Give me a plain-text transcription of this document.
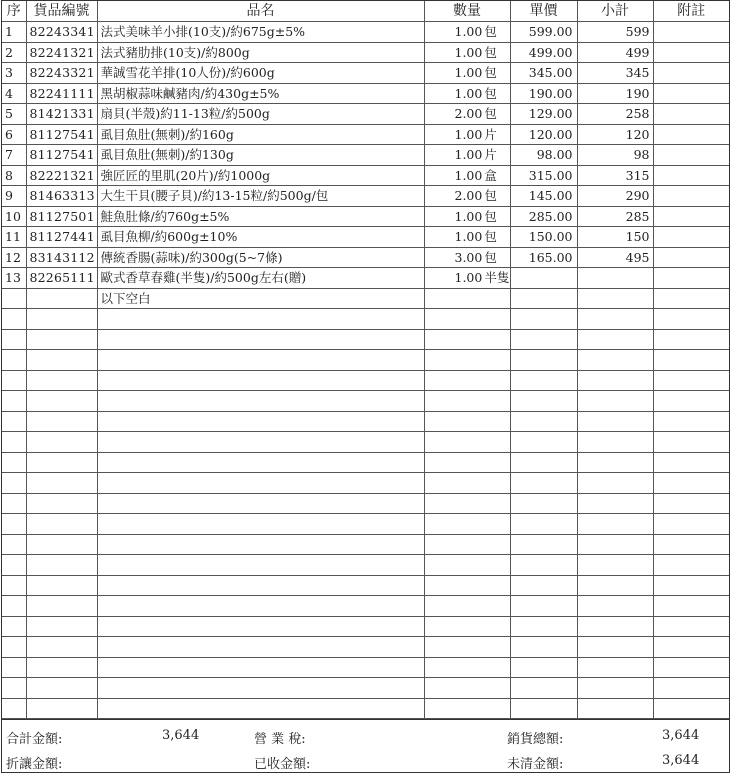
序	貨品編號	品名	數量	單價	小計	附註
1	82243341	法式美味羊小排(10支)/約675g±5%	1.00 包	599.00	599	
2	82241321	法式豬肋排(10支)/約800g	1.00 包	499.00	499	
3	82243321	華誠雪花羊排(10人份)/約600g	1.00 包	345.00	345	
4	82241111	黑胡椒蒜味鹹豬肉/約430g±5%	1.00 包	190.00	190	
5	81421331	扇貝(半殼)約11-13粒/約500g	2.00 包	129.00	258	
6	81127541	虱目魚肚(無刺)/約160g	1.00 片	120.00	120	
7	81127541	虱目魚肚(無刺)/約130g	1.00 片	98.00	98	
8	82221321	強匠匠的里肌(20片)/約1000g	1.00 盒	315.00	315	
9	81463313	大生干貝(腰子貝)/約13-15粒/約500g/包	2.00 包	145.00	290	
10	81127501	鮭魚肚條/約760g±5%	1.00 包	285.00	285	
11	81127441	虱目魚柳/約600g±10%	1.00 包	150.00	150	
12	83143112	傳統香腸(蒜味)/約300g(5~7條)	3.00 包	165.00	495	
13	82265111	歐式香草春雞(半隻)/約500g左右(贈)	1.00 半隻			
		以下空白				

合計金額:	3,644	營 業 稅:	銷貨總額:	3,644
折讓金額:	已收金額:	未清金額:	3,644
